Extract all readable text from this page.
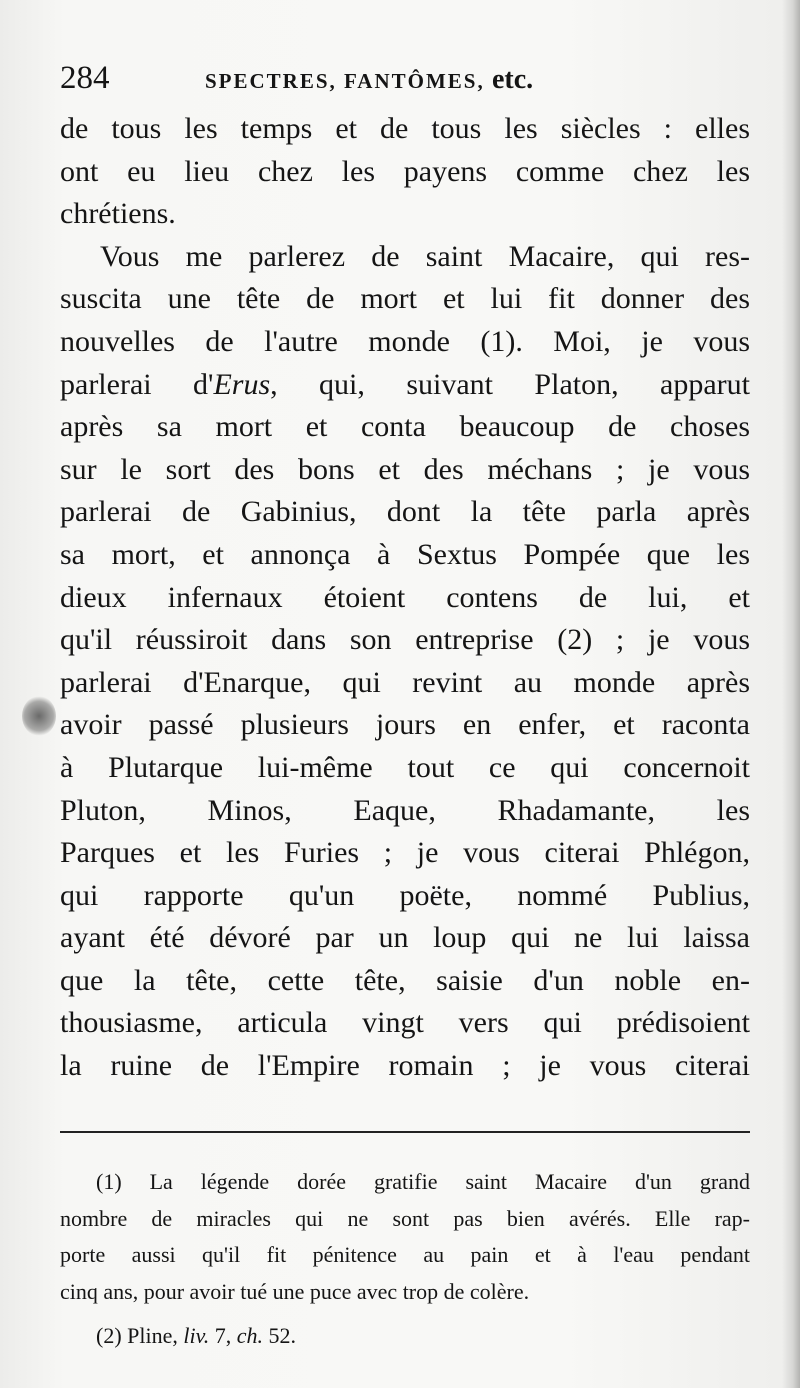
284	SPECTRES, FANTÔMES, etc.
de tous les temps et de tous les siècles : elles
ont eu lieu chez les payens comme chez les
chrétiens.
Vous me parlerez de saint Macaire, qui res-
suscita une tête de mort et lui fit donner des
nouvelles de l'autre monde (1). Moi, je vous
parlerai d'Erus, qui, suivant Platon, apparut
après sa mort et conta beaucoup de choses
sur le sort des bons et des méchans ; je vous
parlerai de Gabinius, dont la tête parla après
sa mort, et annonça à Sextus Pompée que les
dieux infernaux étoient contens de lui, et
qu'il réussiroit dans son entreprise (2) ; je vous
parlerai d'Enarque, qui revint au monde après
avoir passé plusieurs jours en enfer, et raconta
à Plutarque lui-même tout ce qui concernoit
Pluton, Minos, Eaque, Rhadamante, les
Parques et les Furies ; je vous citerai Phlégon,
qui rapporte qu'un poëte, nommé Publius,
ayant été dévoré par un loup qui ne lui laissa
que la tête, cette tête, saisie d'un noble en-
thousiasme, articula vingt vers qui prédisoient
la ruine de l'Empire romain ; je vous citerai
(1) La légende dorée gratifie saint Macaire d'un grand
nombre de miracles qui ne sont pas bien avérés. Elle rap-
porte aussi qu'il fit pénitence au pain et à l'eau pendant
cinq ans, pour avoir tué une puce avec trop de colère.
(2) Pline, liv. 7, ch. 52.
